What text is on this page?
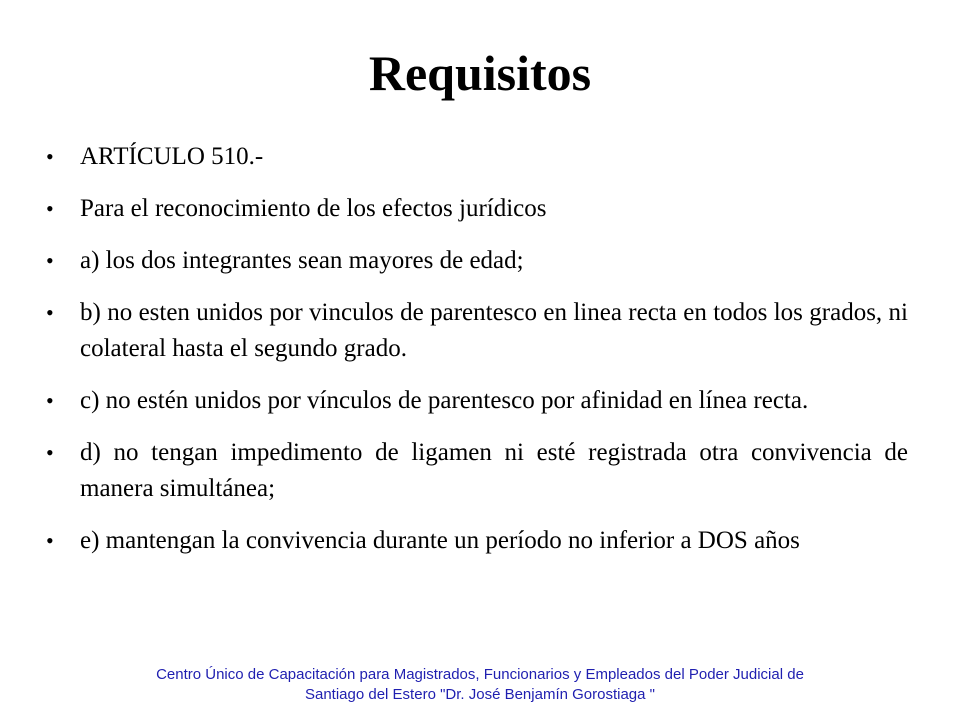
Requisitos
•	ARTÍCULO 510.-
•	Para el reconocimiento de los efectos jurídicos
•	a) los dos integrantes sean mayores de edad;
•	b) no esten unidos por vinculos de parentesco en linea recta en todos los grados, ni colateral hasta el segundo grado.
•	c) no estén unidos por vínculos de parentesco por afinidad en línea recta.
•	d) no tengan impedimento de ligamen ni esté registrada otra convivencia de manera simultánea;
•	e) mantengan la convivencia durante un período no inferior a DOS años
Centro Único de Capacitación para Magistrados, Funcionarios y Empleados del Poder Judicial de
Santiago del Estero "Dr. José Benjamín Gorostiaga "
